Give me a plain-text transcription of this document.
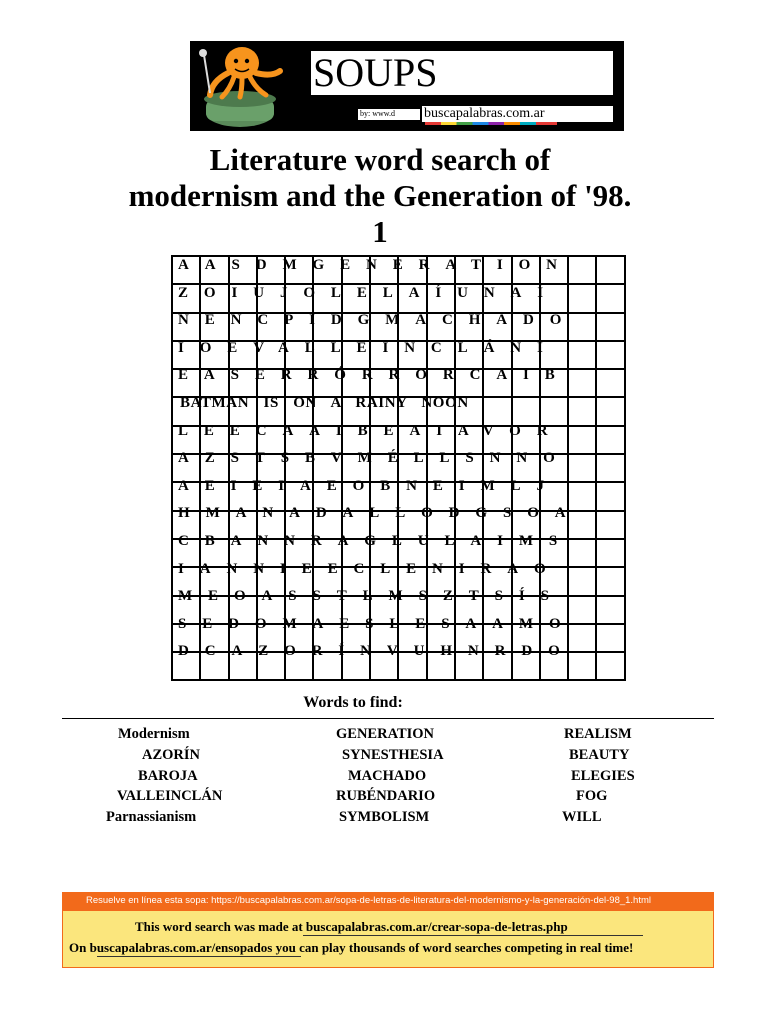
SOUPS
by: www.d buscapalabras.com.ar
Literature word search of
modernism and the Generation of '98.
1

AASDMGENERATION
ZOIUJOLELAÍUNAÍ
NENCPIDGMACHADO
IOEVALLEINCLÁNI
EASERRÓRRORCAIB
BATMAN IS ON A RAINY NOON
LEECAAIBEAIAVOR
AZSTSBVMÉLLSNNO
AEIEIAEOBNEIMLJ
HMANADALLODGSOA
CBANNRAGLULAIMS
IANNIEECLENIRAO
MEOASSTLMSZTSÍS
SEDOMAESLESAAMO
DCAZORÍNVUHNRDO
Words to find:
Modernism
AZORÍN
BAROJA
VALLEINCLÁN
Parnassianism
GENERATION
SYNESTHESIA
MACHADO
RUBÉNDARIO
SYMBOLISM
REALISM
BEAUTY
ELEGIES
FOG
WILL
Resuelve en línea esta sopa: https://buscapalabras.com.ar/sopa-de-letras-de-literatura-del-modernismo-y-la-generación-del-98_1.html
This word search was made at buscapalabras.com.ar/crear-sopa-de-letras.php
On buscapalabras.com.ar/ensopados you can play thousands of word searches competing in real time!
